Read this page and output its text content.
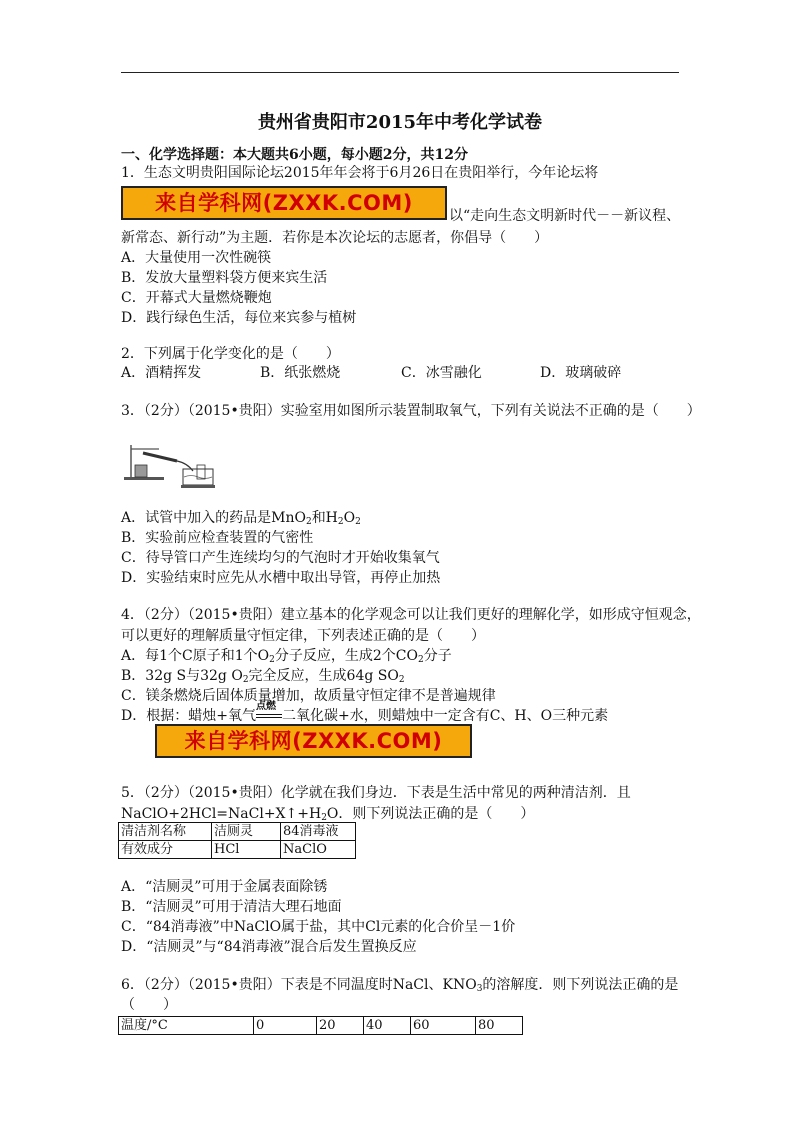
贵州省贵阳市2015年中考化学试卷
一、化学选择题：本大题共6小题，每小题2分，共12分
1．生态文明贵阳国际论坛2015年年会将于6月26日在贵阳举行，今年论坛将
来自学科网(ZXXK.COM)
以“走向生态文明新时代－－新议程、
新常态、新行动”为主题．若你是本次论坛的志愿者，你倡导（　　）
A．大量使用一次性碗筷
B．发放大量塑料袋方便来宾生活
C．开幕式大量燃烧鞭炮
D．践行绿色生活，每位来宾参与植树
2．下列属于化学变化的是（　　）
A．酒精挥发	B．纸张燃烧	C．冰雪融化	D．玻璃破碎
3．（2分）（2015•贵阳）实验室用如图所示装置制取氧气，下列有关说法不正确的是（　　）
A．试管中加入的药品是MnO$_2$和$H_2O_2$
B．实验前应检查装置的气密性
C．待导管口产生连续均匀的气泡时才开始收集氧气
D．实验结束时应先从水槽中取出导管，再停止加热
4．（2分）（2015•贵阳）建立基本的化学观念可以让我们更好的理解化学，如形成守恒观念，
可以更好的理解质量守恒定律，下列表述正确的是（　　）
A．每1个C原子和1个$O_2$分子反应，生成2个$CO_2$分子
B．32g S与32g $O_2$完全反应，生成64g $SO_2$
C．镁条燃烧后固体质量增加，故质量守恒定律不是普遍规律
D．根据：蜡烛+氧气
点燃
二氧化碳+水，则蜡烛中一定含有C、H、O三种元素
来自学科网(ZXXK.COM)
5．（2分）（2015•贵阳）化学就在我们身边．下表是生活中常见的两种清洁剂．且
$NaClO+2HCl=NaCl+X↑+H_2O$．则下列说法正确的是（　　）
清洁剂名称	洁厕灵	84消毒液
有效成分	HCl	NaClO
A．“洁厕灵”可用于金属表面除锈
B．“洁厕灵”可用于清洁大理石地面
C．“84消毒液”中NaClO属于盐，其中Cl元素的化合价呈－1价
D．“洁厕灵”与“84消毒液”混合后发生置换反应
6．（2分）（2015•贵阳）下表是不同温度时NaCl、$KNO_3$的溶解度．则下列说法正确的是
（　　）
温度/°C	0	20	40	60	80
